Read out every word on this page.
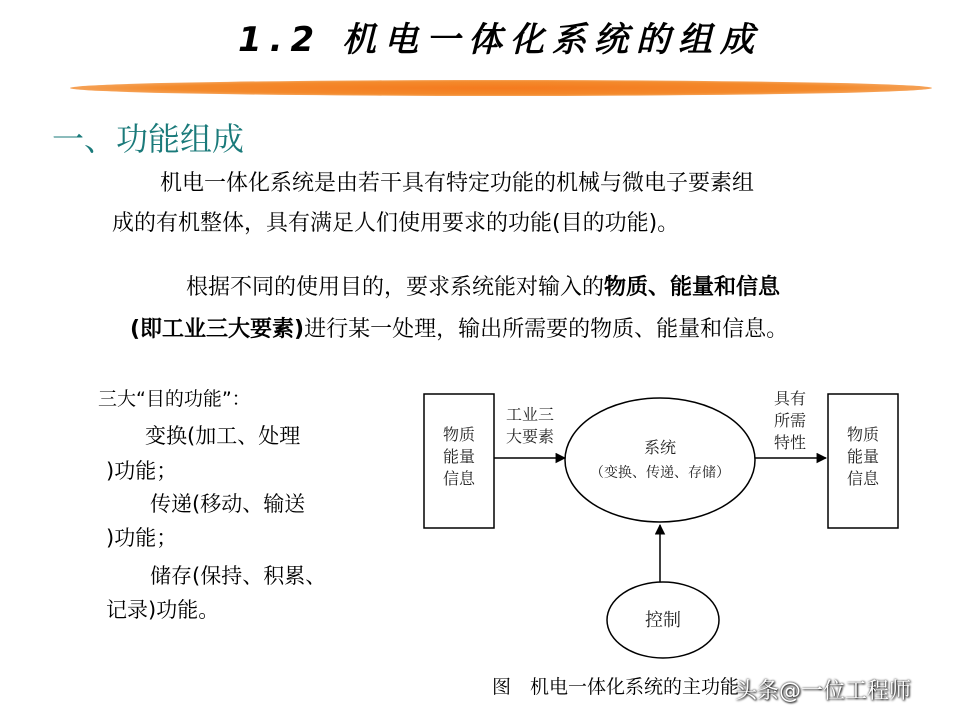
1.2 机电一体化系统的组成
一、功能组成
机电一体化系统是由若干具有特定功能的机械与微电子要素组
成的有机整体，具有满足人们使用要求的功能(目的功能)。
根据不同的使用目的，要求系统能对输入的物质、能量和信息
(即工业三大要素)进行某一处理，输出所需要的物质、能量和信息。
三大“目的功能”：
变换(加工、处理
)功能；
传递(移动、输送
)功能；
储存(保持、积累、
记录)功能。
物质
能量
信息
工业三
大要素
系统
（变换、传递、存储）
具有
所需
特性	物质
能量
信息
控制
图　机电一体化系统的主功能
头条@一位工程师
